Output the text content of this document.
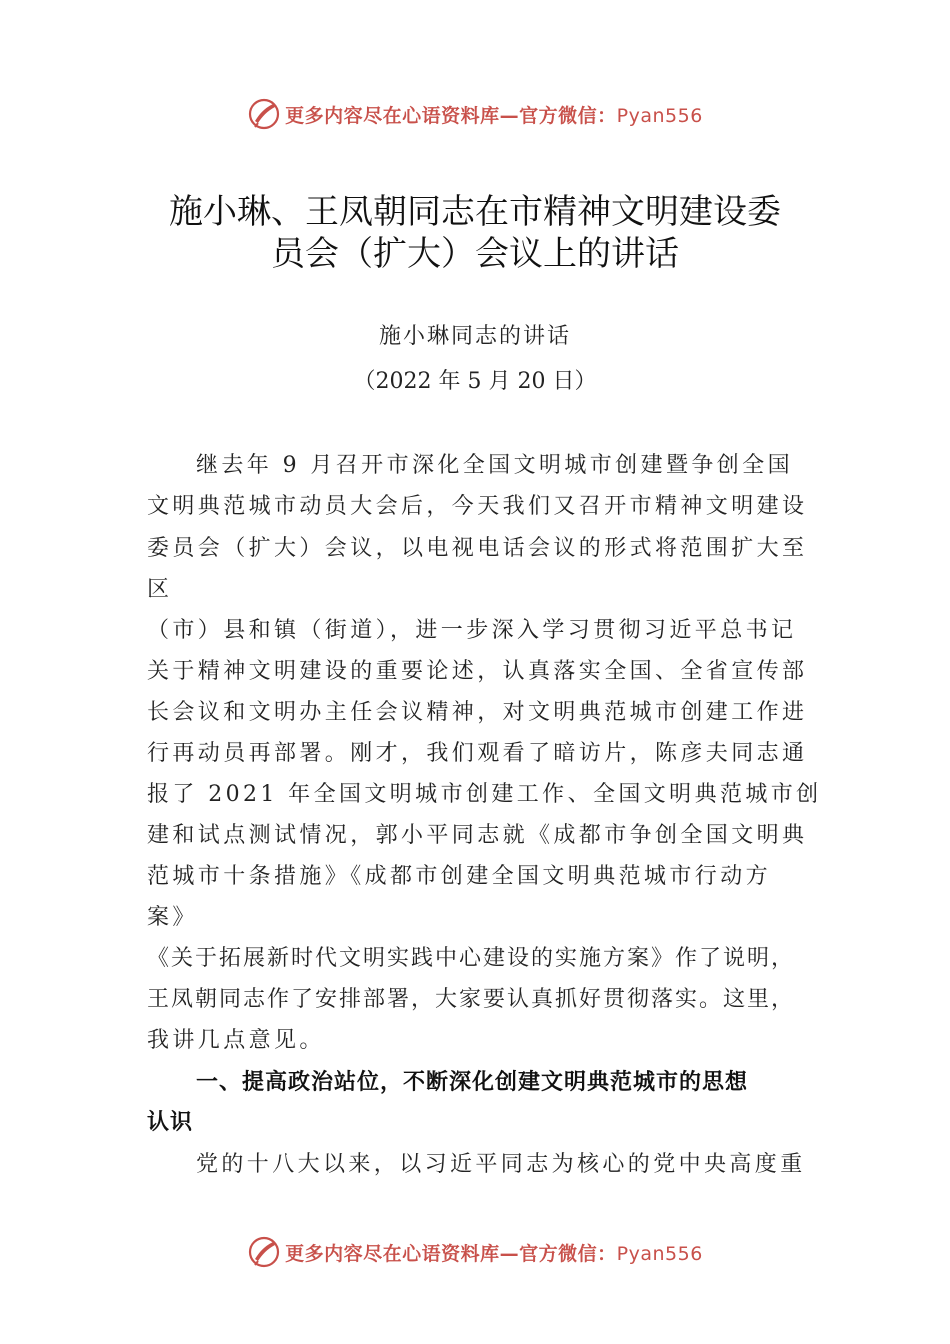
更多内容尽在心语资料库—官方微信：Pyan556
施小琳、王凤朝同志在市精神文明建设委
员会（扩大）会议上的讲话
施小琳同志的讲话
（2022 年 5 月 20 日）
继去年 9 月召开市深化全国文明城市创建暨争创全国
文明典范城市动员大会后，今天我们又召开市精神文明建设
委员会（扩大）会议，以电视电话会议的形式将范围扩大至
区
（市）县和镇（街道），进一步深入学习贯彻习近平总书记
关于精神文明建设的重要论述，认真落实全国、全省宣传部
长会议和文明办主任会议精神，对文明典范城市创建工作进
行再动员再部署。刚才，我们观看了暗访片，陈彦夫同志通
报了 2021 年全国文明城市创建工作、全国文明典范城市创
建和试点测试情况，郭小平同志就《成都市争创全国文明典
范城市十条措施》《成都市创建全国文明典范城市行动方
案》
《关于拓展新时代文明实践中心建设的实施方案》作了说明，
王凤朝同志作了安排部署，大家要认真抓好贯彻落实。这里，
我讲几点意见。
一、提高政治站位，不断深化创建文明典范城市的思想
认识
党的十八大以来，以习近平同志为核心的党中央高度重
更多内容尽在心语资料库—官方微信：Pyan556
